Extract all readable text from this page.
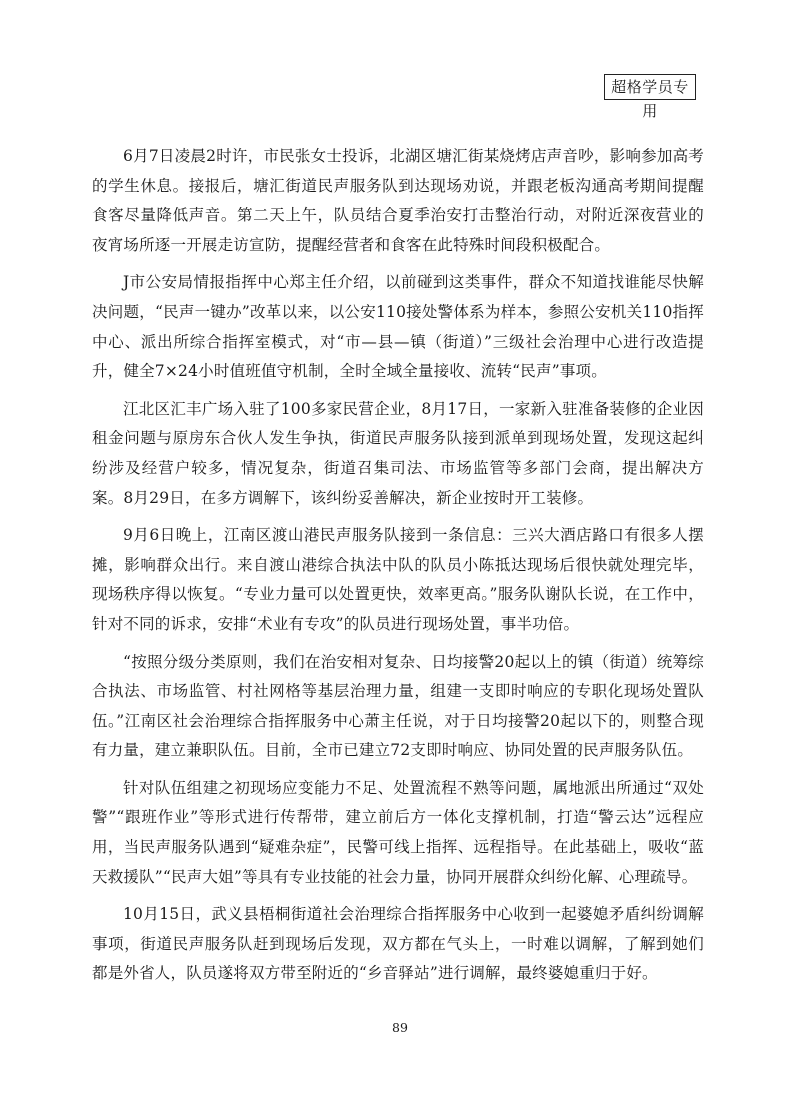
超格学员专用

6月7日凌晨2时许，市民张女士投诉，北湖区塘汇街某烧烤店声音吵，影响参加高考的学生休息。接报后，塘汇街道民声服务队到达现场劝说，并跟老板沟通高考期间提醒食客尽量降低声音。第二天上午，队员结合夏季治安打击整治行动，对附近深夜营业的夜宵场所逐一开展走访宣防，提醒经营者和食客在此特殊时间段积极配合。

J市公安局情报指挥中心郑主任介绍，以前碰到这类事件，群众不知道找谁能尽快解决问题，“民声一键办”改革以来，以公安110接处警体系为样本，参照公安机关110指挥中心、派出所综合指挥室模式，对“市—县—镇（街道）”三级社会治理中心进行改造提升，健全7×24小时值班值守机制，全时全域全量接收、流转“民声”事项。

江北区汇丰广场入驻了100多家民营企业，8月17日，一家新入驻准备装修的企业因租金问题与原房东合伙人发生争执，街道民声服务队接到派单到现场处置，发现这起纠纷涉及经营户较多，情况复杂，街道召集司法、市场监管等多部门会商，提出解决方案。8月29日，在多方调解下，该纠纷妥善解决，新企业按时开工装修。

9月6日晚上，江南区渡山港民声服务队接到一条信息：三兴大酒店路口有很多人摆摊，影响群众出行。来自渡山港综合执法中队的队员小陈抵达现场后很快就处理完毕，现场秩序得以恢复。“专业力量可以处置更快，效率更高。”服务队谢队长说，在工作中，针对不同的诉求，安排“术业有专攻”的队员进行现场处置，事半功倍。

“按照分级分类原则，我们在治安相对复杂、日均接警20起以上的镇（街道）统筹综合执法、市场监管、村社网格等基层治理力量，组建一支即时响应的专职化现场处置队伍。”江南区社会治理综合指挥服务中心萧主任说，对于日均接警20起以下的，则整合现有力量，建立兼职队伍。目前，全市已建立72支即时响应、协同处置的民声服务队伍。

针对队伍组建之初现场应变能力不足、处置流程不熟等问题，属地派出所通过“双处警”“跟班作业”等形式进行传帮带，建立前后方一体化支撑机制，打造“警云达”远程应用，当民声服务队遇到“疑难杂症”，民警可线上指挥、远程指导。在此基础上，吸收“蓝天救援队”“民声大姐”等具有专业技能的社会力量，协同开展群众纠纷化解、心理疏导。

10月15日，武义县梧桐街道社会治理综合指挥服务中心收到一起婆媳矛盾纠纷调解事项，街道民声服务队赶到现场后发现，双方都在气头上，一时难以调解，了解到她们都是外省人，队员遂将双方带至附近的“乡音驿站”进行调解，最终婆媳重归于好。

89
